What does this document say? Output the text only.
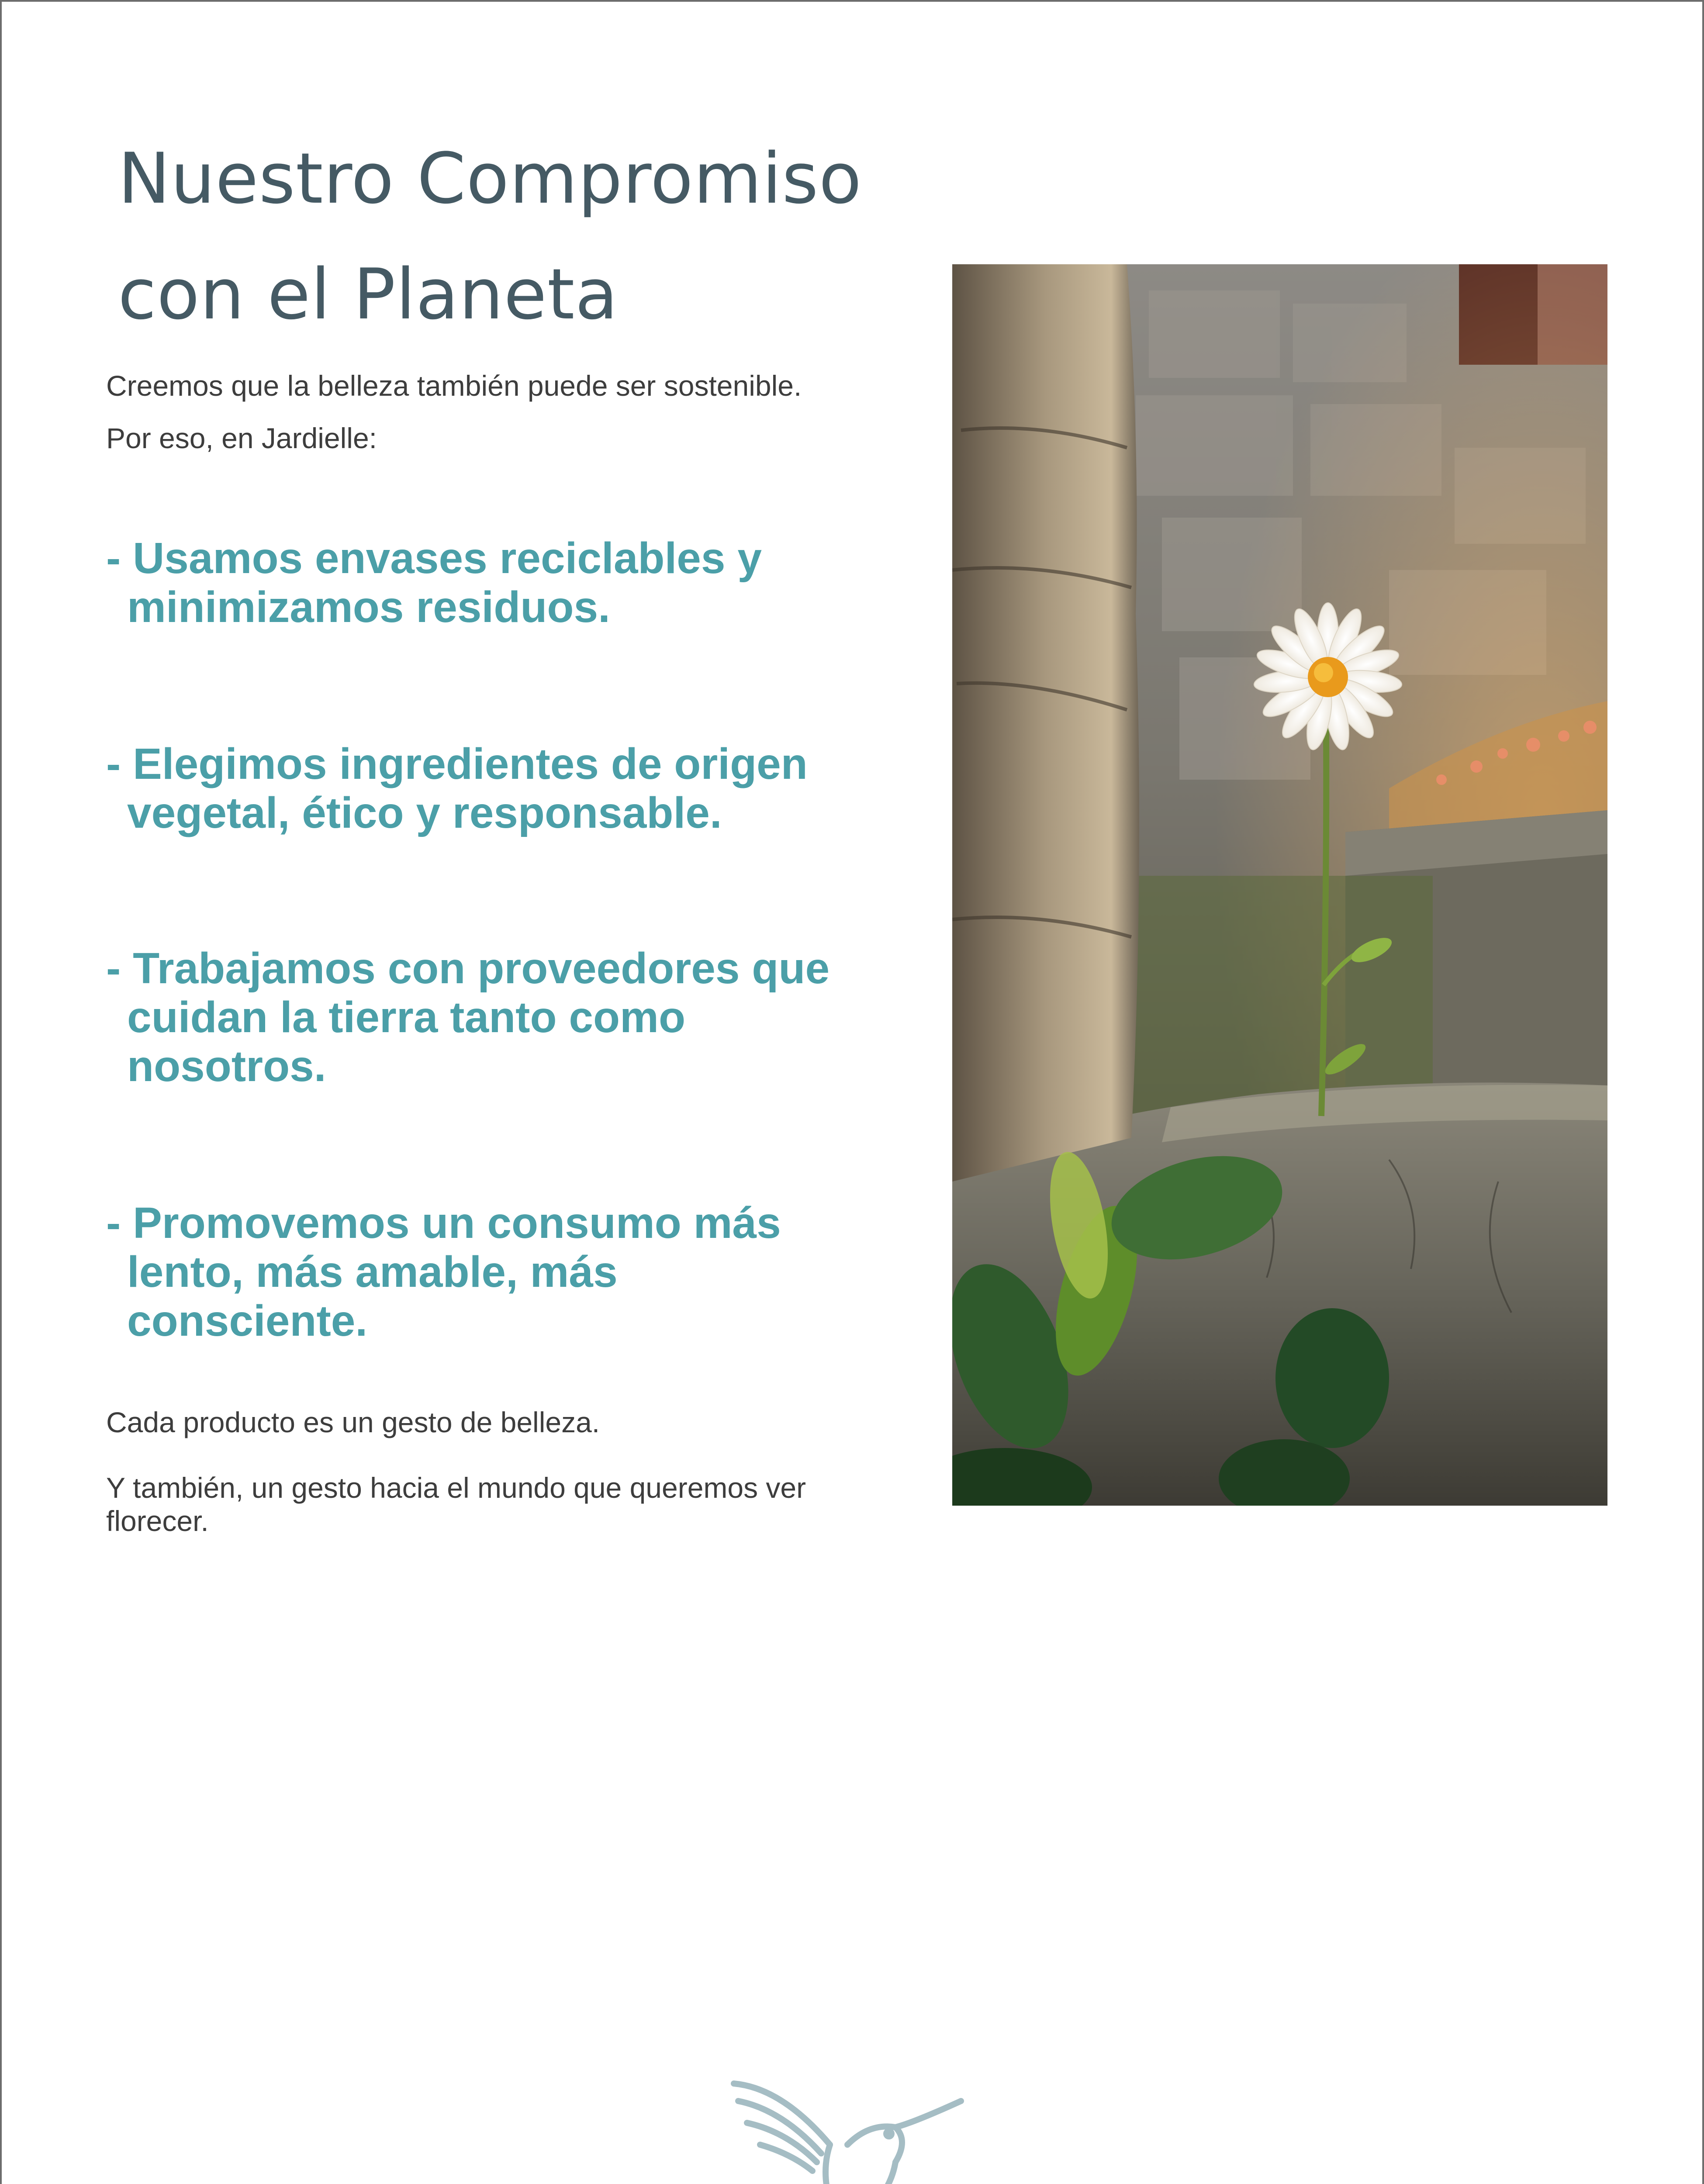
Nuestro Compromiso
con el Planeta
Creemos que la belleza también puede ser sostenible.
Por eso, en Jardielle:
- Usamos envases reciclables y
minimizamos residuos.
- Elegimos ingredientes de origen
vegetal, ético y responsable.
- Trabajamos con proveedores que
cuidan la tierra tanto como
nosotros.
- Promovemos un consumo más
lento, más amable, más
consciente.
Cada producto es un gesto de belleza.
Y también, un gesto hacia el mundo que queremos ver florecer.
